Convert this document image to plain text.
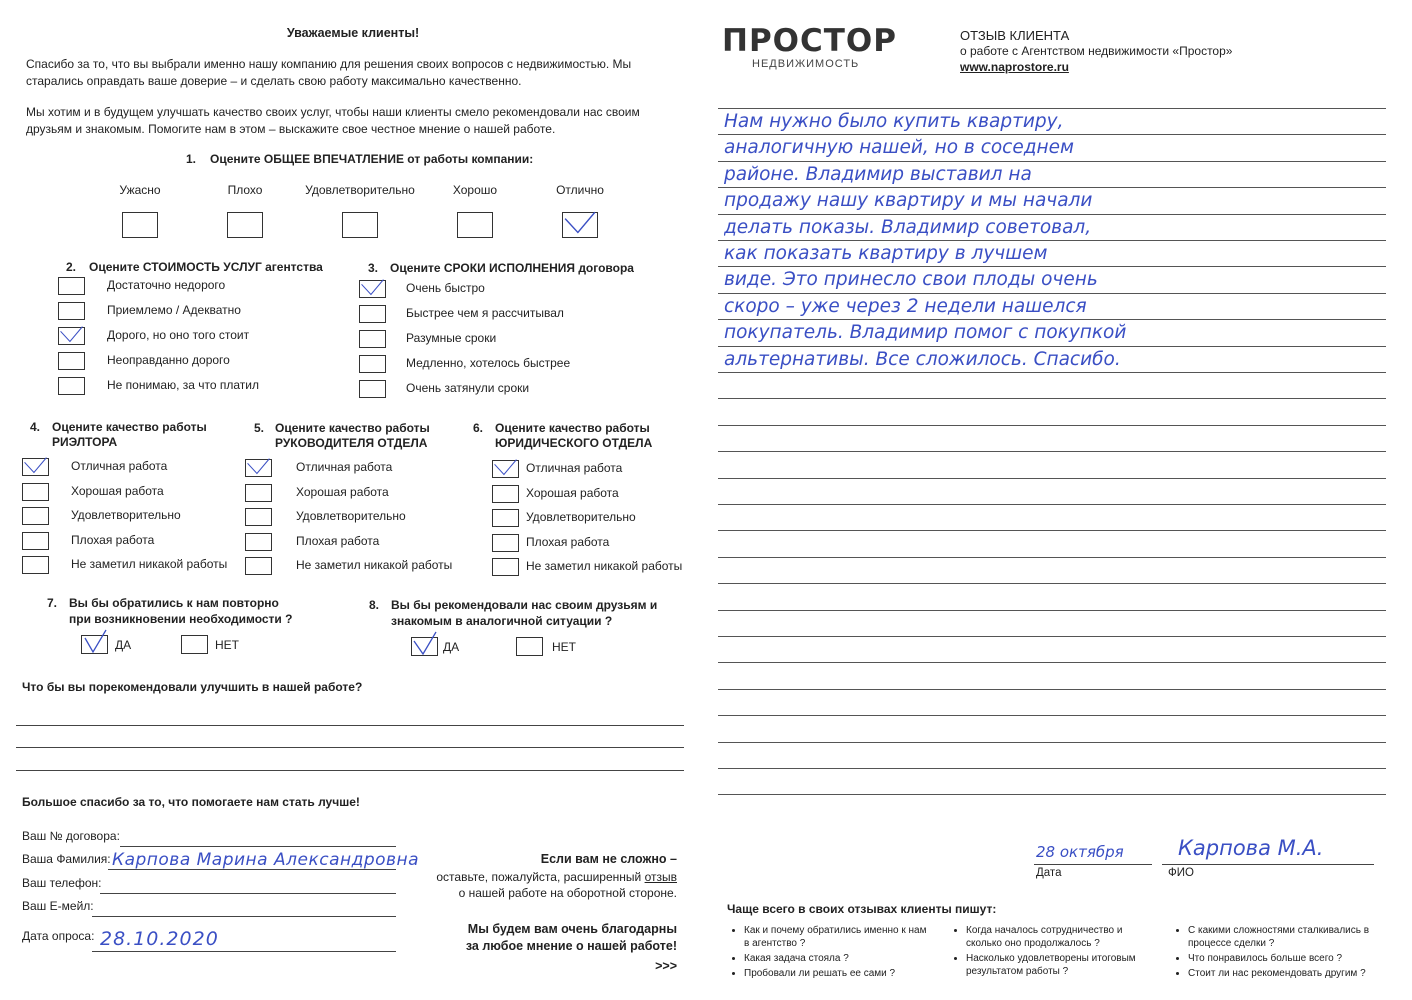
Уважаемые клиенты!
Спасибо за то, что вы выбрали именно нашу компанию для решения своих вопросов с недвижимостью. Мы старались оправдать ваше доверие – и сделать свою работу максимально качественно.
Мы хотим и в будущем улучшать качество своих услуг, чтобы наши клиенты смело рекомендовали нас своим друзьям и знакомым. Помогите нам в этом – выскажите свое честное мнение о нашей работе.
1. Оцените ОБЩЕЕ ВПЕЧАТЛЕНИЕ от работы компании:
Ужасно	Плохо	Удовлетворительно	Хорошо	Отлично
2. Оцените СТОИМОСТЬ УСЛУГ агентства
Достаточно недорого
Приемлемо / Адекватно
Дорого, но оно того стоит
Неоправданно дорого
Не понимаю, за что платил
3. Оцените СРОКИ ИСПОЛНЕНИЯ договора
Очень быстро
Быстрее чем я рассчитывал
Разумные сроки
Медленно, хотелось быстрее
Очень затянули сроки
4. Оцените качество работы
РИЭЛТОРА
Отличная работа
Хорошая работа
Удовлетворительно
Плохая работа
Не заметил никакой работы
5. Оцените качество работы
РУКОВОДИТЕЛЯ ОТДЕЛА
Отличная работа
Хорошая работа
Удовлетворительно
Плохая работа
Не заметил никакой работы
6. Оцените качество работы
ЮРИДИЧЕСКОГО ОТДЕЛА
Отличная работа
Хорошая работа
Удовлетворительно
Плохая работа
Не заметил никакой работы
7. Вы бы обратились к нам повторно
при возникновении необходимости ?
ДА	НЕТ
8. Вы бы рекомендовали нас своим друзьям и
знакомым в аналогичной ситуации ?
ДА	НЕТ
Что бы вы порекомендовали улучшить в нашей работе?
Большое спасибо за то, что помогаете нам стать лучше!
Ваш № договора:
Ваша Фамилия: Карпова Марина Александровна
Ваш телефон:
Ваш Е-мейл:
Дата опроса: 28.10.2020
Если вам не сложно –
оставьте, пожалуйста, расширенный отзыв
о нашей работе на оборотной стороне.
Мы будем вам очень благодарны
за любое мнение о нашей работе!
>>>
ПРОСТОР
НЕДВИЖИМОСТЬ
ОТЗЫВ КЛИЕНТА
о работе с Агентством недвижимости «Простор»
www.naprostore.ru
Нам нужно было купить квартиру,
аналогичную нашей, но в соседнем
районе. Владимир выставил на
продажу нашу квартиру и мы начали
делать показы. Владимир советовал,
как показать квартиру в лучшем
виде. Это принесло свои плоды очень
скоро – уже через 2 недели нашелся
покупатель. Владимир помог с покупкой
альтернативы. Все сложилось. Спасибо.
28 октября
Дата
Карпова М.А.
ФИО
Чаще всего в своих отзывах клиенты пишут:
• Как и почему обратились именно к нам в агентство ?
• Какая задача стояла ?
• Пробовали ли решать ее сами ?
• Когда началось сотрудничество и сколько оно продолжалось ?
• Насколько удовлетворены итоговым результатом работы ?
• С какими сложностями сталкивались в процессе сделки ?
• Что понравилось больше всего ?
• Стоит ли нас рекомендовать другим ?
